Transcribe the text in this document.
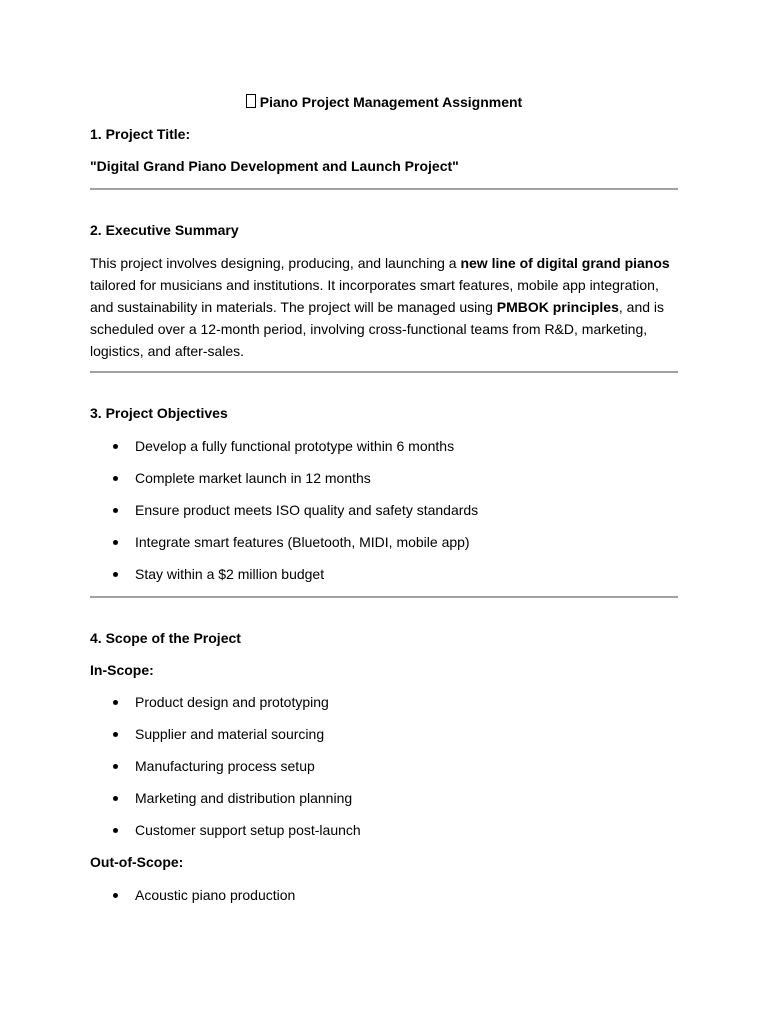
Piano Project Management Assignment
1. Project Title:
"Digital Grand Piano Development and Launch Project"
2. Executive Summary
This project involves designing, producing, and launching a new line of digital grand pianos tailored for musicians and institutions. It incorporates smart features, mobile app integration, and sustainability in materials. The project will be managed using PMBOK principles, and is scheduled over a 12-month period, involving cross-functional teams from R&D, marketing, logistics, and after-sales.
3. Project Objectives
Develop a fully functional prototype within 6 months
Complete market launch in 12 months
Ensure product meets ISO quality and safety standards
Integrate smart features (Bluetooth, MIDI, mobile app)
Stay within a $2 million budget
4. Scope of the Project
In-Scope:
Product design and prototyping
Supplier and material sourcing
Manufacturing process setup
Marketing and distribution planning
Customer support setup post-launch
Out-of-Scope:
Acoustic piano production
